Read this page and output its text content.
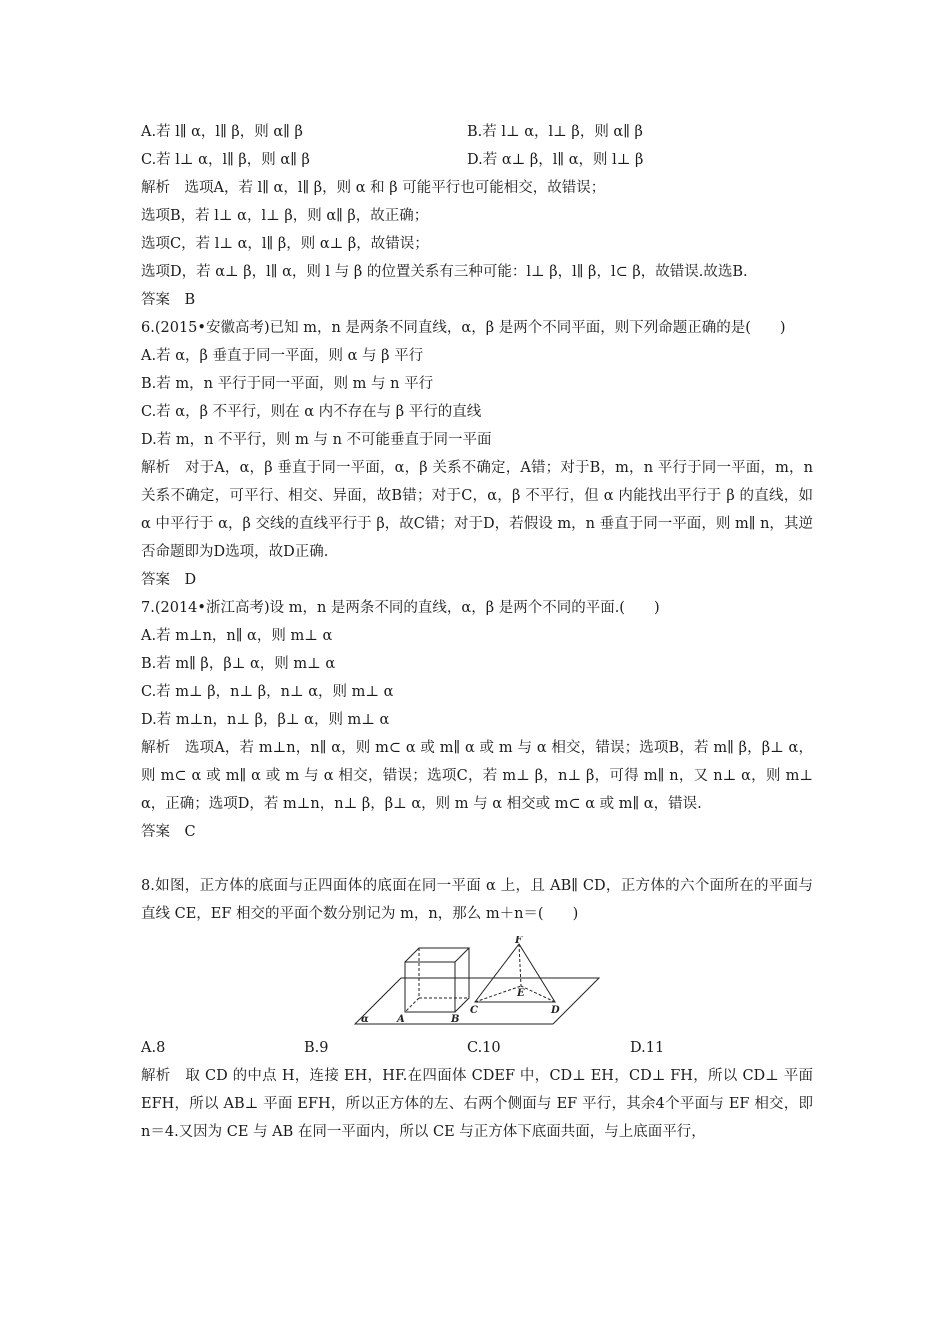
A.若 l∥ α，l∥ β，则 α∥ β	B.若 l⊥ α，l⊥ β，则 α∥ β
C.若 l⊥ α，l∥ β，则 α∥ β	D.若 α⊥ β，l∥ α，则 l⊥ β
解析　选项A，若 l∥ α，l∥ β，则 α 和 β 可能平行也可能相交，故错误；
选项B，若 l⊥ α，l⊥ β，则 α∥ β，故正确；
选项C，若 l⊥ α，l∥ β，则 α⊥ β，故错误；
选项D，若 α⊥ β，l∥ α，则 l 与 β 的位置关系有三种可能：l⊥ β，l∥ β，l⊂ β，故错误.故选B.
答案　B
6.(2015•安徽高考)已知 m，n 是两条不同直线，α，β 是两个不同平面，则下列命题正确的是(　　)
A.若 α，β 垂直于同一平面，则 α 与 β 平行
B.若 m，n 平行于同一平面，则 m 与 n 平行
C.若 α，β 不平行，则在 α 内不存在与 β 平行的直线
D.若 m，n 不平行，则 m 与 n 不可能垂直于同一平面
解析　对于A，α，β 垂直于同一平面，α，β 关系不确定，A错；对于B，m，n 平行于同一平面，m，n 关系不确定，可平行、相交、异面，故B错；对于C，α，β 不平行，但 α 内能找出平行于 β 的直线，如 α 中平行于 α，β 交线的直线平行于 β，故C错；对于D，若假设 m，n 垂直于同一平面，则 m∥ n，其逆否命题即为D选项，故D正确.
答案　D
7.(2014•浙江高考)设 m，n 是两条不同的直线，α，β 是两个不同的平面.(　　)
A.若 m⊥n，n∥ α，则 m⊥ α
B.若 m∥ β，β⊥ α，则 m⊥ α
C.若 m⊥ β，n⊥ β，n⊥ α，则 m⊥ α
D.若 m⊥n，n⊥ β，β⊥ α，则 m⊥ α
解析　选项A，若 m⊥n，n∥ α，则 m⊂ α 或 m∥ α 或 m 与 α 相交，错误；选项B，若 m∥ β，β⊥ α，则 m⊂ α 或 m∥ α 或 m 与 α 相交，错误；选项C，若 m⊥ β，n⊥ β，可得 m∥ n，又 n⊥ α，则 m⊥ α，正确；选项D，若 m⊥n，n⊥ β，β⊥ α，则 m 与 α 相交或 m⊂ α 或 m∥ α，错误.
答案　C
8.如图，正方体的底面与正四面体的底面在同一平面 α 上，且 AB∥ CD，正方体的六个面所在的平面与直线 CE，EF 相交的平面个数分别记为 m，n，那么 m＋n＝(　　)
α	A	B
C	D
E
F
A.8	B.9	C.10	D.11
解析　取 CD 的中点 H，连接 EH，HF.在四面体 CDEF 中，CD⊥ EH，CD⊥ FH，所以 CD⊥ 平面 EFH，所以 AB⊥ 平面 EFH，所以正方体的左、右两个侧面与 EF 平行，其余4个平面与 EF 相交，即 n＝4.又因为 CE 与 AB 在同一平面内，所以 CE 与正方体下底面共面，与上底面平行，
